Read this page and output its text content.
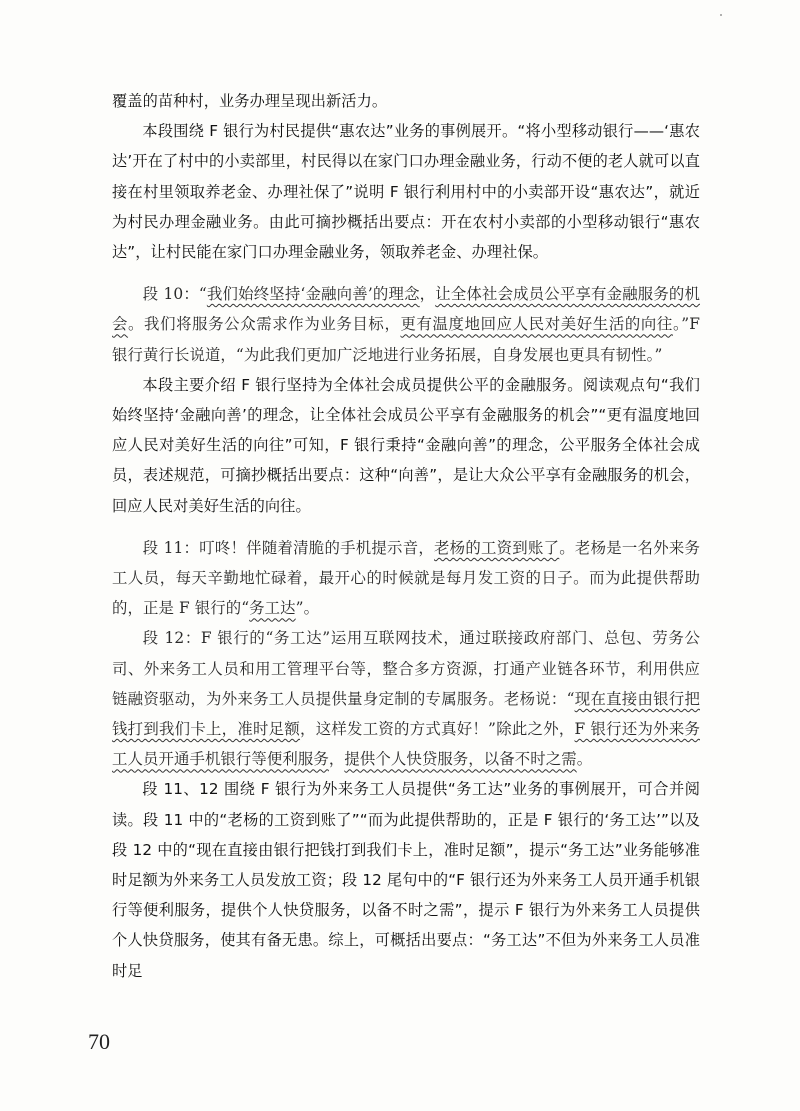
覆盖的苗种村，业务办理呈现出新活力。

本段围绕 F 银行为村民提供“惠农达”业务的事例展开。“将小型移动银行——‘惠农达’开在了村中的小卖部里，村民得以在家门口办理金融业务，行动不便的老人就可以直接在村里领取养老金、办理社保了”说明 F 银行利用村中的小卖部开设“惠农达”，就近为村民办理金融业务。由此可摘抄概括出要点：开在农村小卖部的小型移动银行“惠农达”，让村民能在家门口办理金融业务，领取养老金、办理社保。

段 10：“我们始终坚持‘金融向善’的理念，让全体社会成员公平享有金融服务的机会。我们将服务公众需求作为业务目标，更有温度地回应人民对美好生活的向往。”F 银行黄行长说道，“为此我们更加广泛地进行业务拓展，自身发展也更具有韧性。”

本段主要介绍 F 银行坚持为全体社会成员提供公平的金融服务。阅读观点句“我们始终坚持‘金融向善’的理念，让全体社会成员公平享有金融服务的机会”“更有温度地回应人民对美好生活的向往”可知，F 银行秉持“金融向善”的理念，公平服务全体社会成员，表述规范，可摘抄概括出要点：这种“向善”，是让大众公平享有金融服务的机会，回应人民对美好生活的向往。

段 11：叮咚！伴随着清脆的手机提示音，老杨的工资到账了。老杨是一名外来务工人员，每天辛勤地忙碌着，最开心的时候就是每月发工资的日子。而为此提供帮助的，正是 F 银行的“务工达”。

段 12：F 银行的“务工达”运用互联网技术，通过联接政府部门、总包、劳务公司、外来务工人员和用工管理平台等，整合多方资源，打通产业链各环节，利用供应链融资驱动，为外来务工人员提供量身定制的专属服务。老杨说：“现在直接由银行把钱打到我们卡上，准时足额，这样发工资的方式真好！”除此之外，F 银行还为外来务工人员开通手机银行等便利服务，提供个人快贷服务，以备不时之需。

段 11、12 围绕 F 银行为外来务工人员提供“务工达”业务的事例展开，可合并阅读。段 11 中的“老杨的工资到账了”“而为此提供帮助的，正是 F 银行的‘务工达’”以及段 12 中的“现在直接由银行把钱打到我们卡上，准时足额”，提示“务工达”业务能够准时足额为外来务工人员发放工资；段 12 尾句中的“F 银行还为外来务工人员开通手机银行等便利服务，提供个人快贷服务，以备不时之需”，提示 F 银行为外来务工人员提供个人快贷服务，使其有备无患。综上，可概括出要点：“务工达”不但为外来务工人员准时足

70
